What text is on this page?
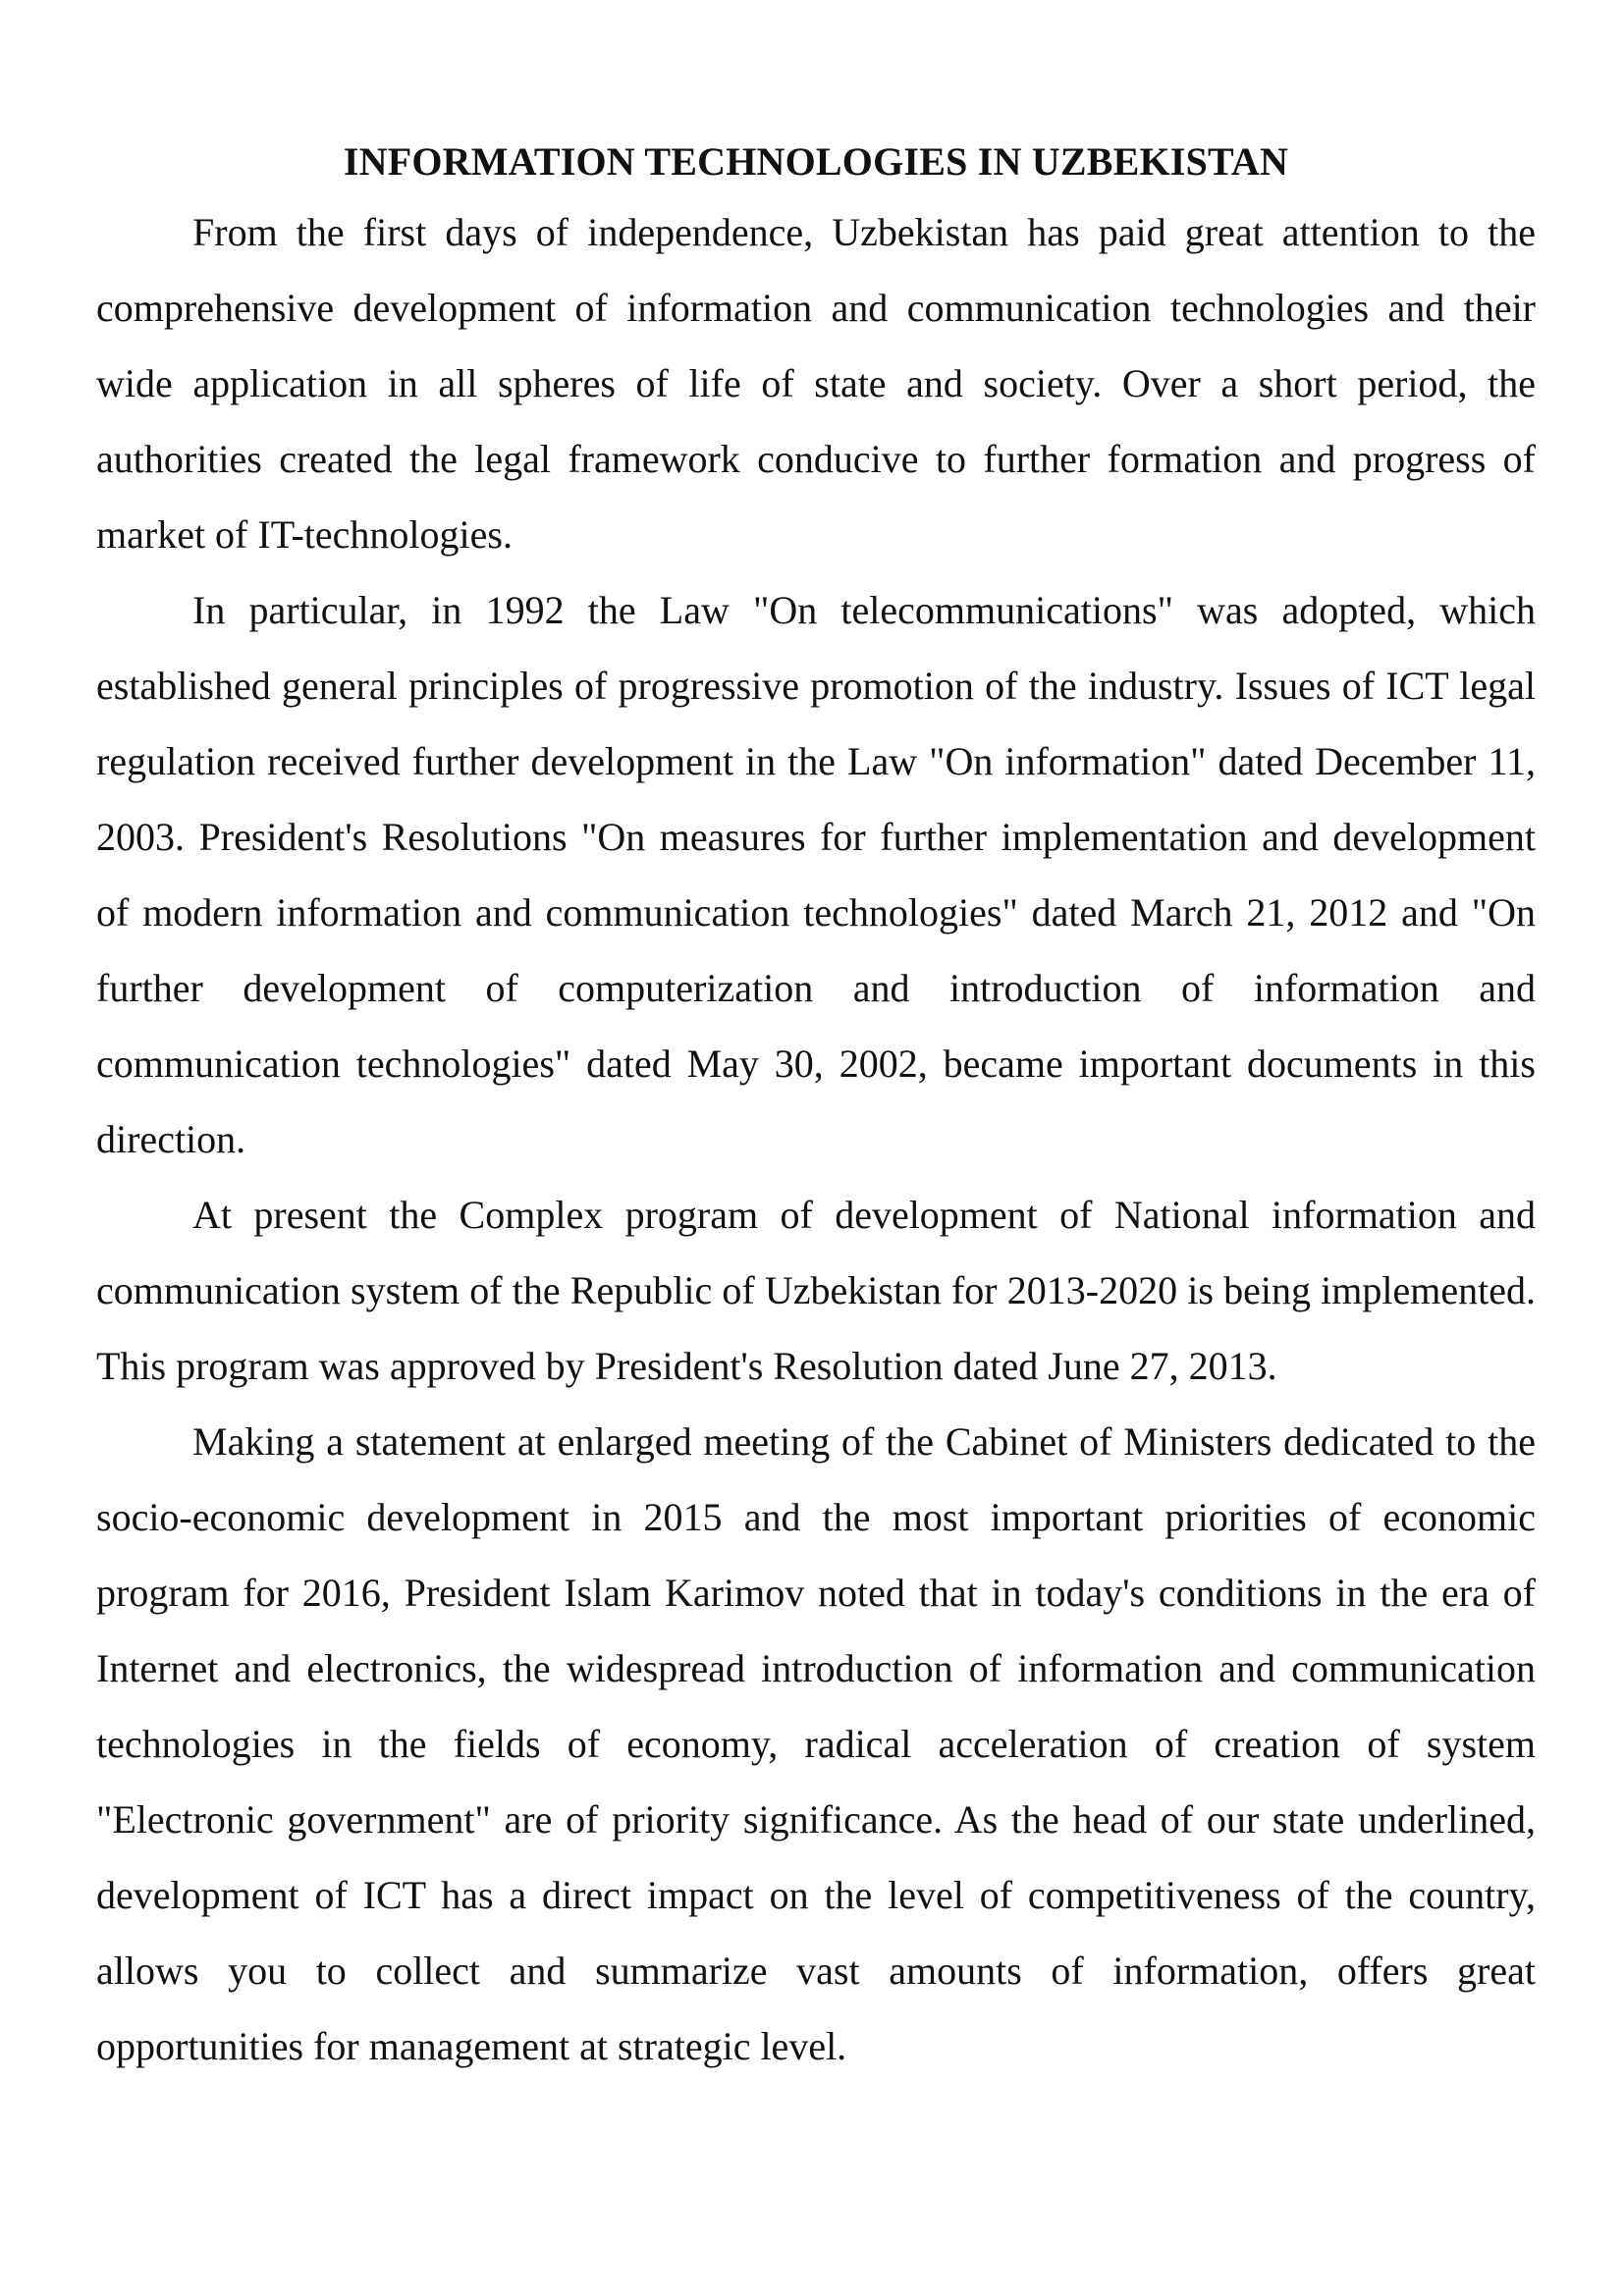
INFORMATION TECHNOLOGIES IN UZBEKISTAN

From the first days of independence, Uzbekistan has paid great attention to the comprehensive development of information and communication technologies and their wide application in all spheres of life of state and society. Over a short period, the authorities created the legal framework conducive to further formation and progress of market of IT-technologies.

In particular, in 1992 the Law "On telecommunications" was adopted, which established general principles of progressive promotion of the industry. Issues of ICT legal regulation received further development in the Law "On information" dated December 11, 2003. President's Resolutions "On measures for further implementation and development of modern information and communication technologies" dated March 21, 2012 and "On further development of computerization and introduction of information and communication technologies" dated May 30, 2002, became important documents in this direction.

At present the Complex program of development of National information and communication system of the Republic of Uzbekistan for 2013-2020 is being implemented. This program was approved by President's Resolution dated June 27, 2013.

Making a statement at enlarged meeting of the Cabinet of Ministers dedicated to the socio-economic development in 2015 and the most important priorities of economic program for 2016, President Islam Karimov noted that in today's conditions in the era of Internet and electronics, the widespread introduction of information and communication technologies in the fields of economy, radical acceleration of creation of system "Electronic government" are of priority significance. As the head of our state underlined, development of ICT has a direct impact on the level of competitiveness of the country, allows you to collect and summarize vast amounts of information, offers great opportunities for management at strategic level.
